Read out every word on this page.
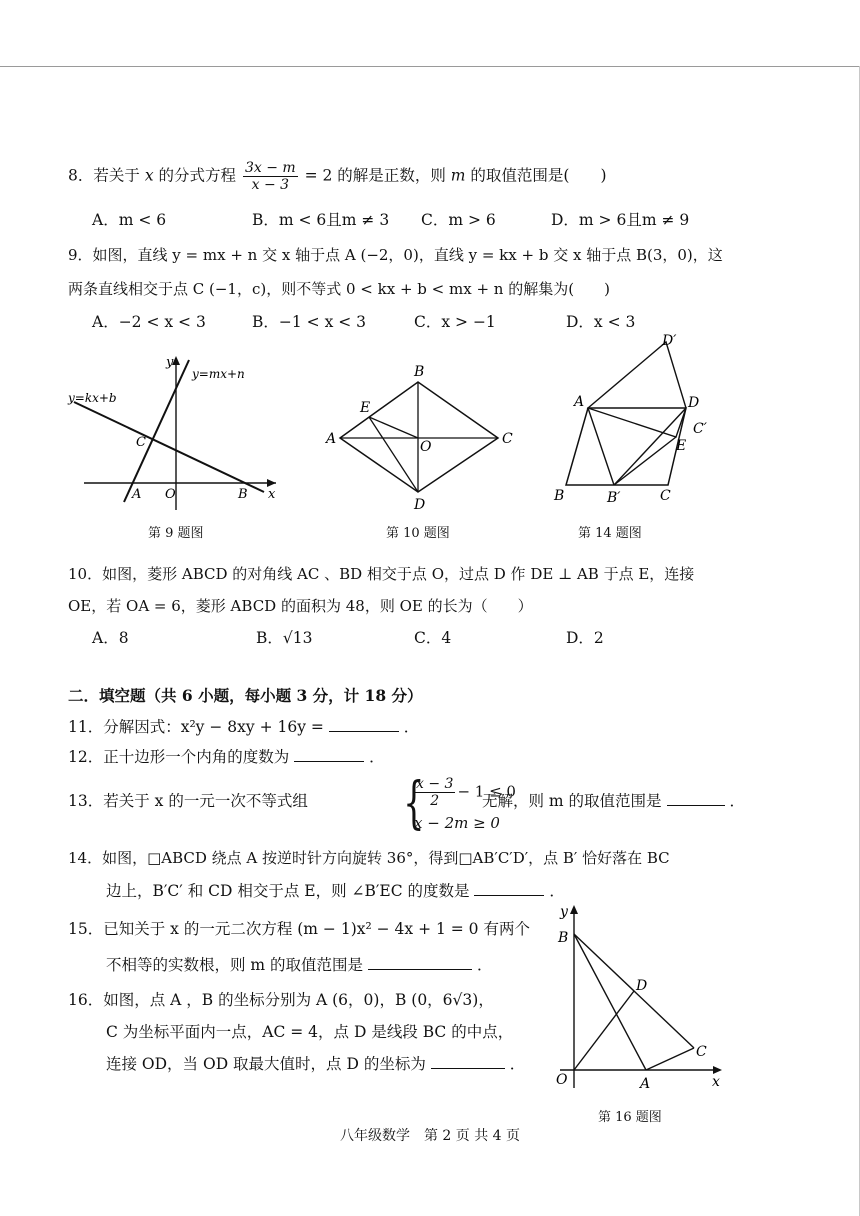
8．若关于 x 的分式方程 $\frac{3x - m}{x - 3} = 2$ 的解是正数，则 m 的取值范围是(　　)
A．m < 6	B．m < 6且m ≠ 3 C．m > 6	D．m > 6且m ≠ 9
9．如图，直线 y = mx + n 交 x 轴于点 A (−2，0)，直线 y = kx + b 交 x 轴于点 B(3，0)，这
两条直线相交于点 C (−1，c)，则不等式 0 < kx + b < mx + n 的解集为(　　)
A．−2 < x < 3	B．−1 < x < 3	C．x > −1	D．x < 3
y
x
y=mx+n
y=kx+b
A O	B
C
第 9 题图
A
B
C
D
E
O
第 10 题图
A
B	C
D
E
B′
C′
D′
第 14 题图
10．如图，菱形 ABCD 的对角线 AC 、BD 相交于点 O，过点 D 作 DE ⊥ AB 于点 E，连接
OE，若 OA = 6，菱形 ABCD 的面积为 48，则 OE 的长为（　　）
A．8	B．√13	C．4	D．2
二．填空题（共 6 小题，每小题 3 分，计 18 分）
11．分解因式：x²y − 8xy + 16y =	．
12．正十边形一个内角的度数为	．
13．若关于 x 的一元一次不等式组 {
$\frac{x - 3}{2} - 1 \le 0$
x − 2m ≥ 0
无解，则 m 的取值范围是	．
14．如图，□ABCD 绕点 A 按逆时针方向旋转 36°，得到□AB′C′D′，点 B′ 恰好落在 BC
边上，B′C′ 和 CD 相交于点 E，则 ∠B′EC 的度数是	．
15．已知关于 x 的一元二次方程 (m − 1)x² − 4x + 1 = 0 有两个
不相等的实数根，则 m 的取值范围是	．
16．如图，点 A ，B 的坐标分别为 A (6，0)，B (0，6√3)，
C 为坐标平面内一点，AC = 4，点 D 是线段 BC 的中点，
连接 OD，当 OD 取最大值时，点 D 的坐标为	．
y
x
B
D
C
O	A
第 16 题图
八年级数学　第 2 页 共 4 页
